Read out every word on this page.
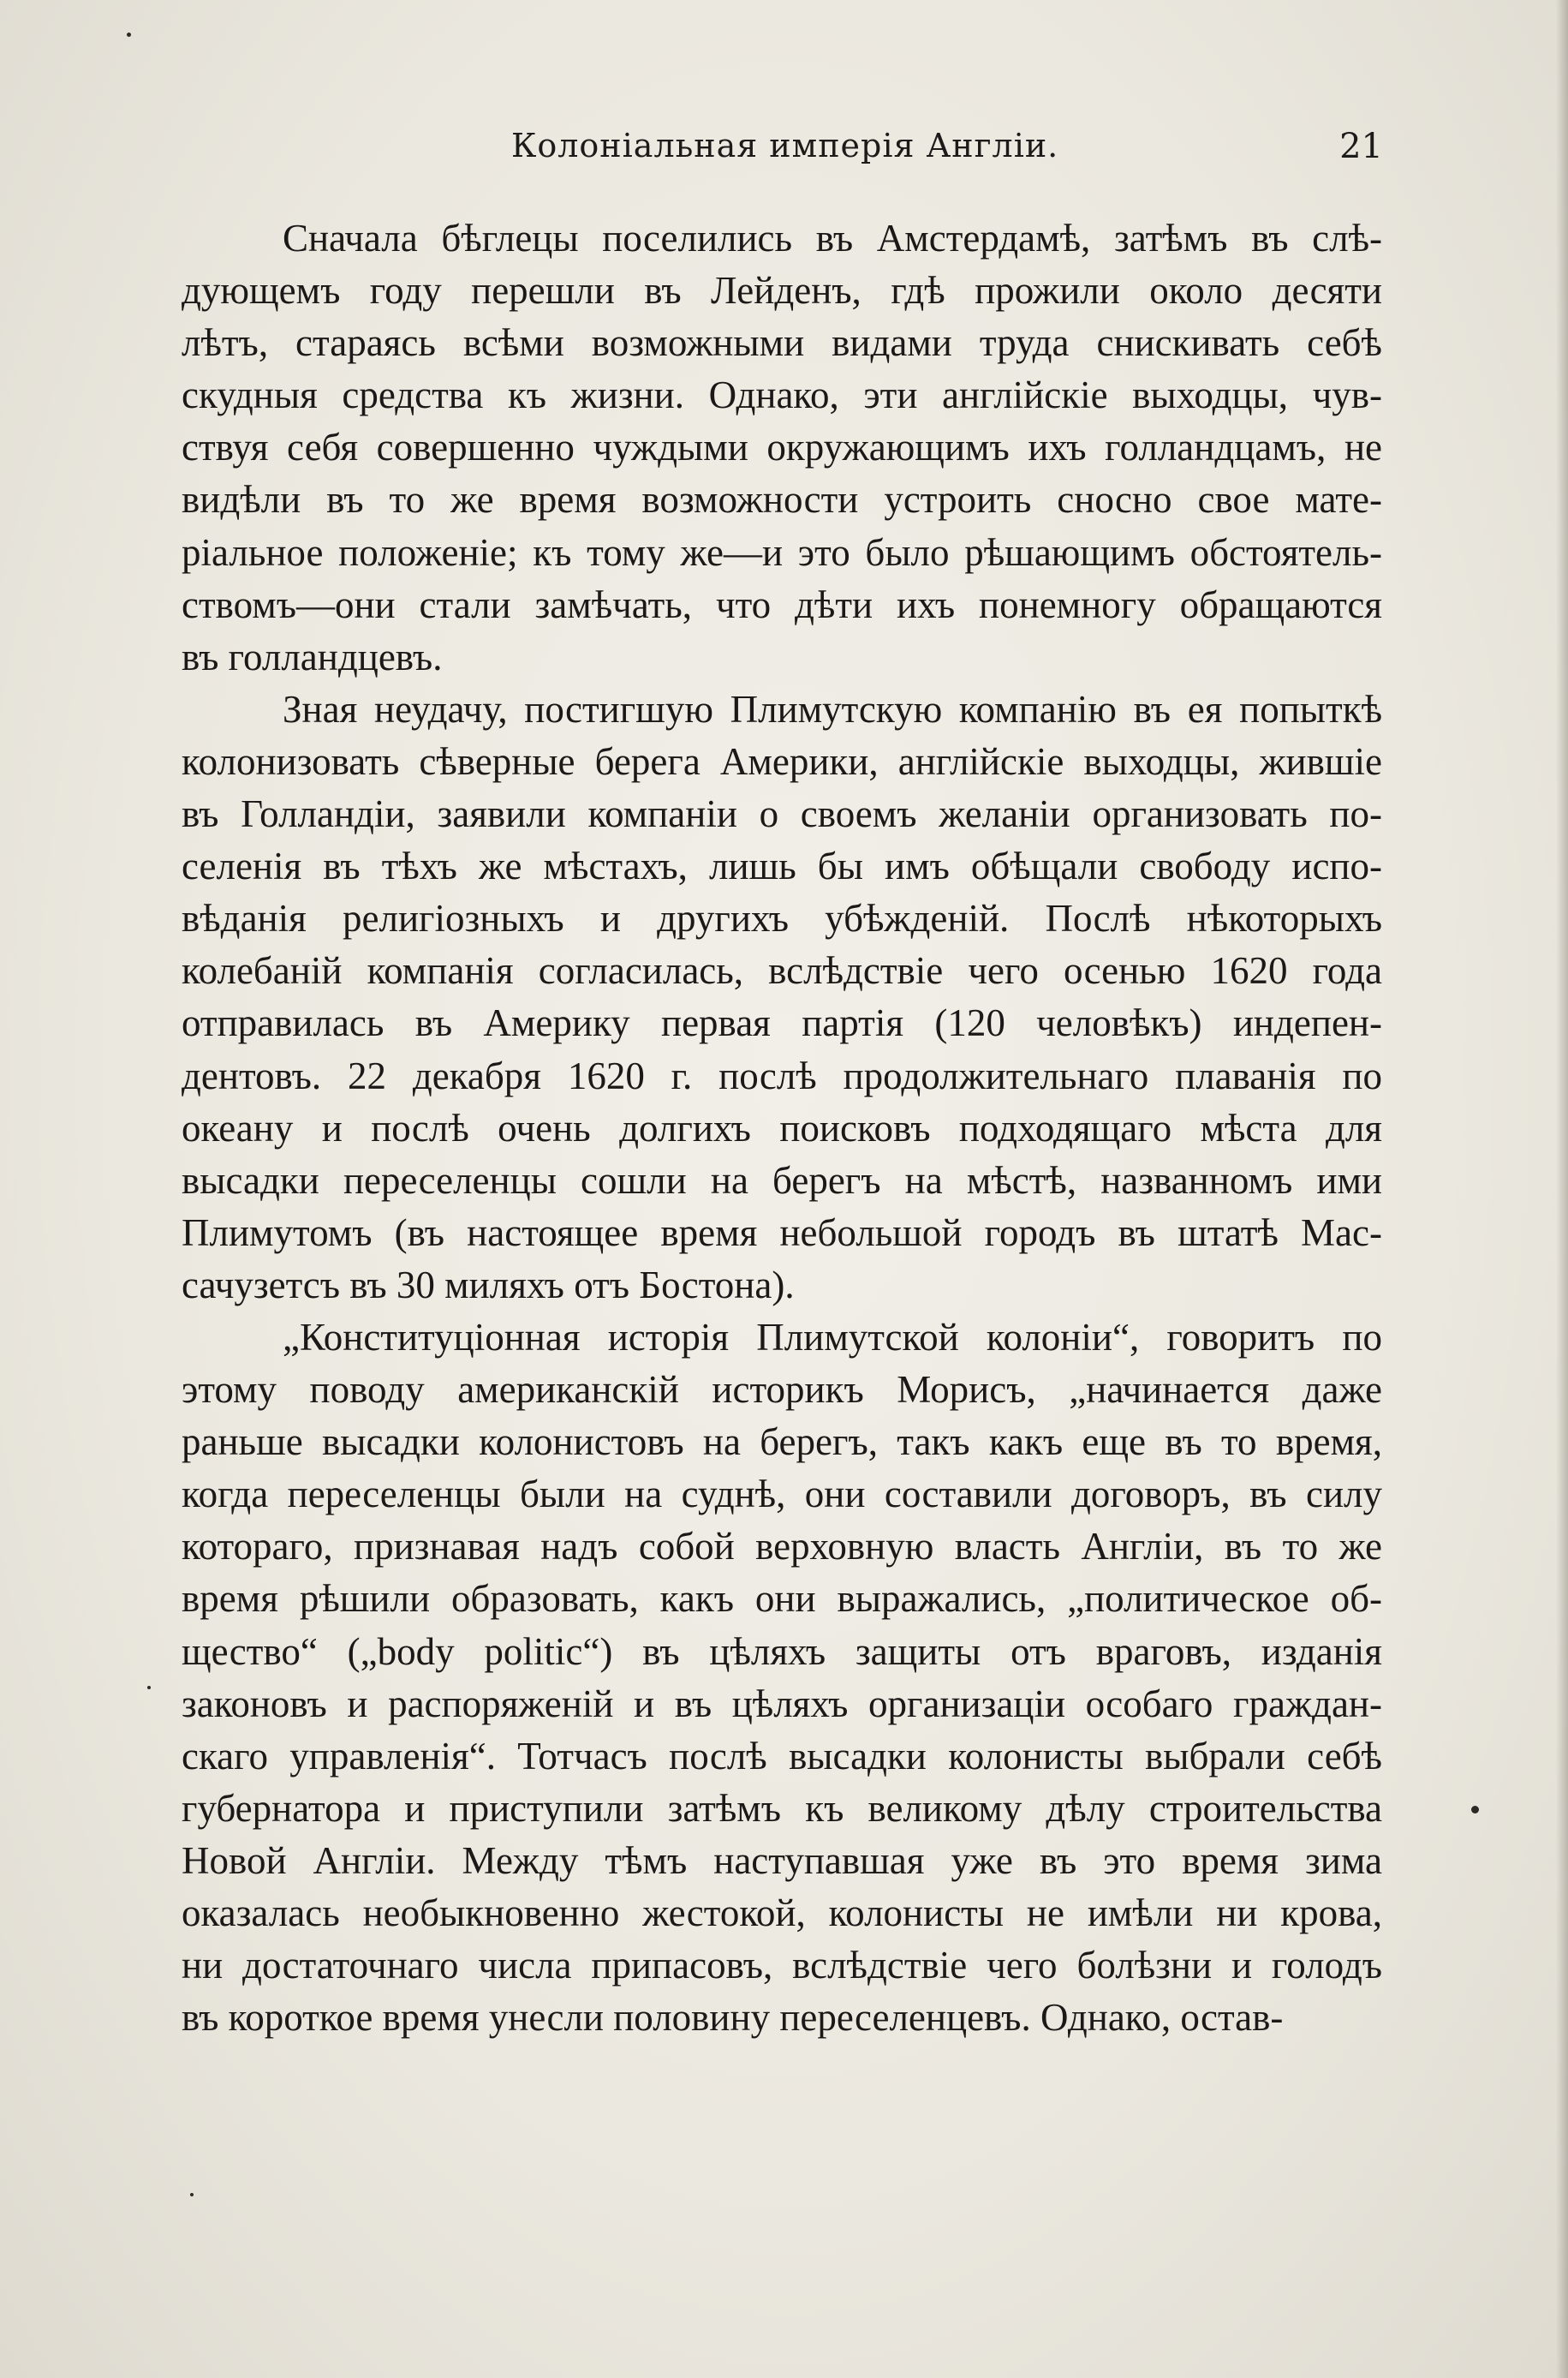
Колоніальная имперія Англіи.	21
Сначала бѣглецы поселились въ Амстердамѣ, затѣмъ въ слѣ-
дующемъ году перешли въ Лейденъ, гдѣ прожили около десяти
лѣтъ, стараясь всѣми возможными видами труда снискивать себѣ
скудныя средства къ жизни. Однако, эти англійскіе выходцы, чув-
ствуя себя совершенно чуждыми окружающимъ ихъ голландцамъ, не
видѣли въ то же время возможности устроить сносно свое мате-
ріальное положеніе; къ тому же—и это было рѣшающимъ обстоятель-
ствомъ—они стали замѣчать, что дѣти ихъ понемногу обращаются
въ голландцевъ.
Зная неудачу, постигшую Плимутскую компанію въ ея попыткѣ
колонизовать сѣверные берега Америки, англійскіе выходцы, жившіе
въ Голландіи, заявили компаніи о своемъ желаніи организовать по-
селенія въ тѣхъ же мѣстахъ, лишь бы имъ обѣщали свободу испо-
вѣданія религіозныхъ и другихъ убѣжденій. Послѣ нѣкоторыхъ
колебаній компанія согласилась, вслѣдствіе чего осенью 1620 года
отправилась въ Америку первая партія (120 человѣкъ) индепен-
дентовъ. 22 декабря 1620 г. послѣ продолжительнаго плаванія по
океану и послѣ очень долгихъ поисковъ подходящаго мѣста для
высадки переселенцы сошли на берегъ на мѣстѣ, названномъ ими
Плимутомъ (въ настоящее время небольшой городъ въ штатѣ Мас-
сачузетсъ въ 30 миляхъ отъ Бостона).
„Конституціонная исторія Плимутской колоніи“, говоритъ по
этому поводу американскій историкъ Морисъ, „начинается даже
раньше высадки колонистовъ на берегъ, такъ какъ еще въ то время,
когда переселенцы были на суднѣ, они составили договоръ, въ силу
котораго, признавая надъ собой верховную власть Англіи, въ то же
время рѣшили образовать, какъ они выражались, „политическое об-
щество“ („body politic“) въ цѣляхъ защиты отъ враговъ, изданія
законовъ и распоряженій и въ цѣляхъ организаціи особаго граждан-
скаго управленія“. Тотчасъ послѣ высадки колонисты выбрали себѣ
губернатора и приступили затѣмъ къ великому дѣлу строительства
Новой Англіи. Между тѣмъ наступавшая уже въ это время зима
оказалась необыкновенно жестокой, колонисты не имѣли ни крова,
ни достаточнаго числа припасовъ, вслѣдствіе чего болѣзни и голодъ
въ короткое время унесли половину переселенцевъ. Однако, остав-
